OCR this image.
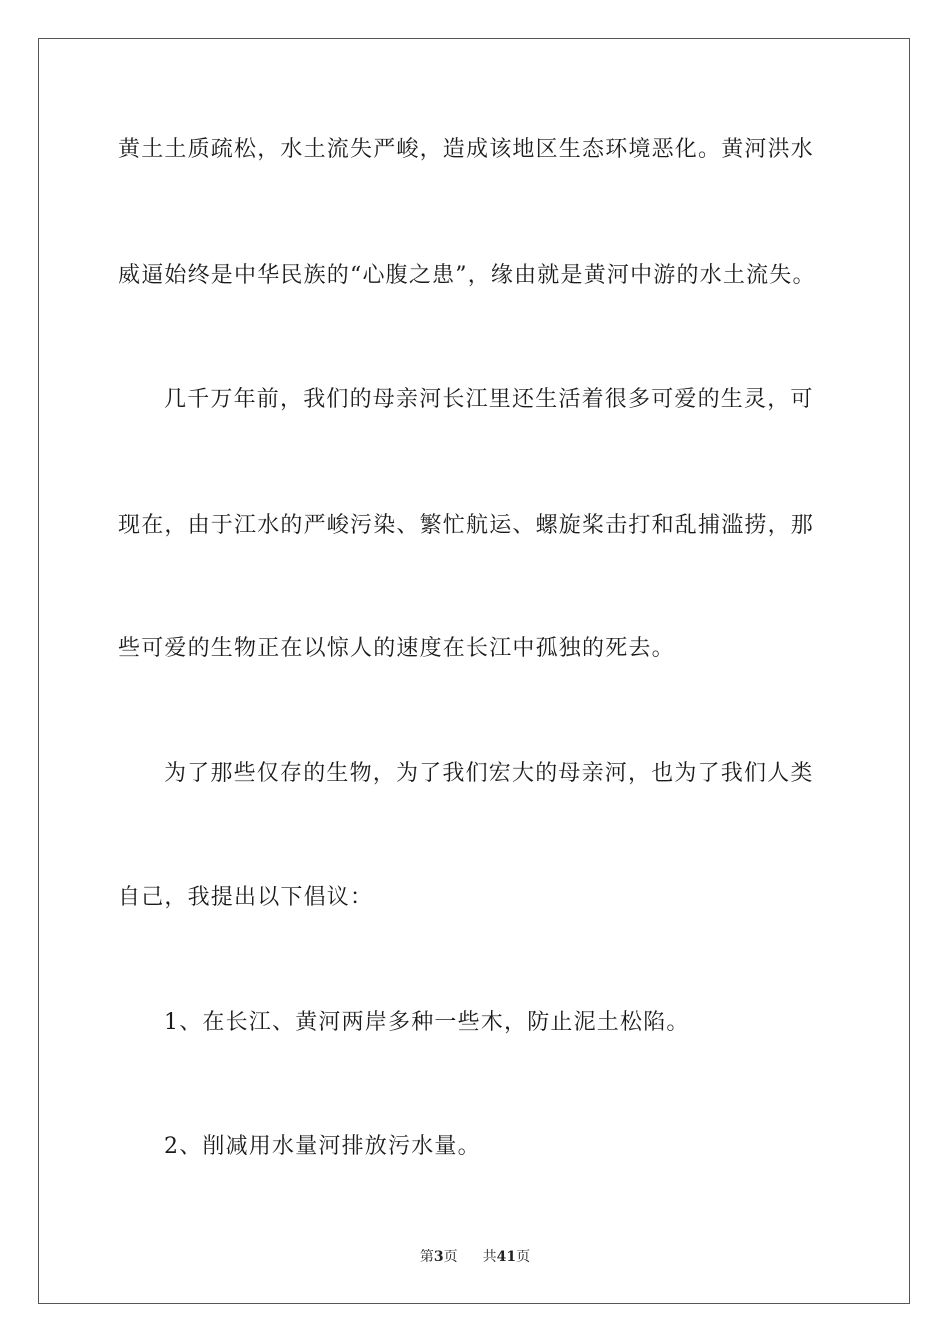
黄土土质疏松，水土流失严峻，造成该地区生态环境恶化。黄河洪水
威逼始终是中华民族的“心腹之患”，缘由就是黄河中游的水土流失。
几千万年前，我们的母亲河长江里还生活着很多可爱的生灵，可
现在，由于江水的严峻污染、繁忙航运、螺旋桨击打和乱捕滥捞，那
些可爱的生物正在以惊人的速度在长江中孤独的死去。
为了那些仅存的生物，为了我们宏大的母亲河，也为了我们人类
自己，我提出以下倡议：
1、在长江、黄河两岸多种一些木，防止泥土松陷。
2、削减用水量河排放污水量。
第3页 共41页
